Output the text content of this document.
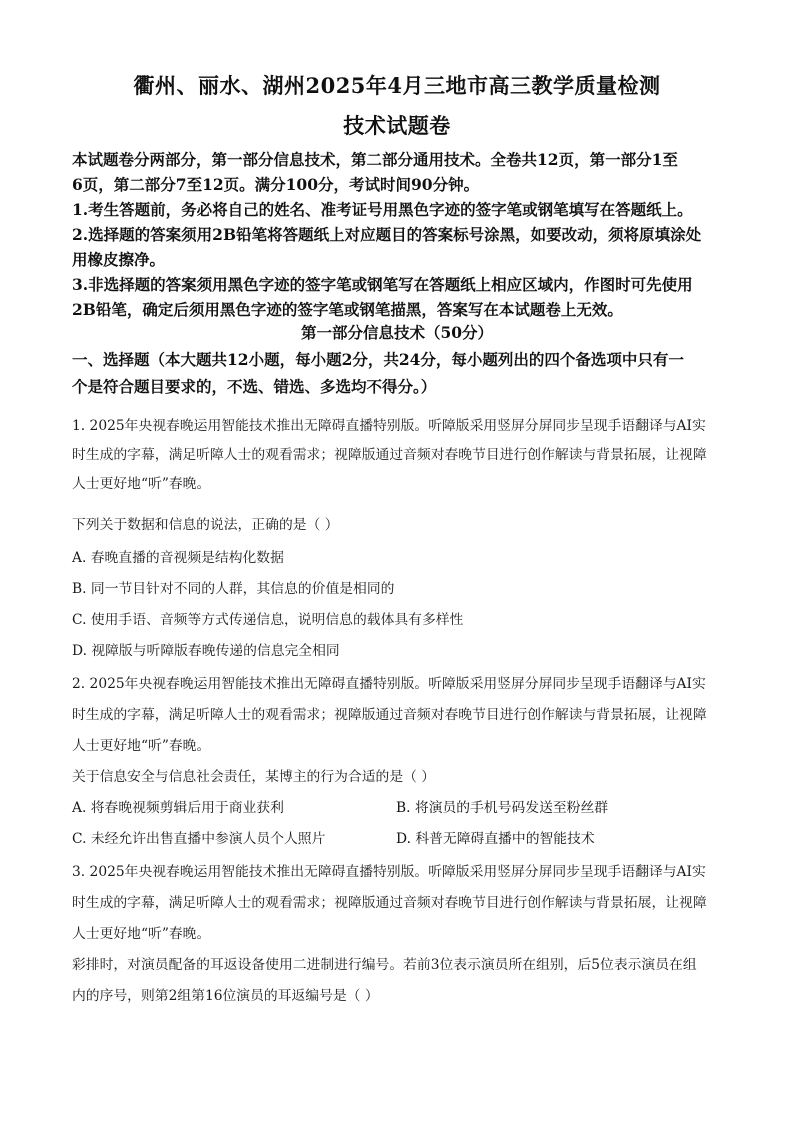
衢州、丽水、湖州2025年4月三地市高三教学质量检测
技术试题卷
本试题卷分两部分，第一部分信息技术，第二部分通用技术。全卷共12页，第一部分1至
6页，第二部分7至12页。满分100分，考试时间90分钟。
1.考生答题前，务必将自己的姓名、准考证号用黑色字迹的签字笔或钢笔填写在答题纸上。
2.选择题的答案须用2B铅笔将答题纸上对应题目的答案标号涂黑，如要改动，须将原填涂处
用橡皮擦净。
3.非选择题的答案须用黑色字迹的签字笔或钢笔写在答题纸上相应区域内，作图时可先使用
2B铅笔，确定后须用黑色字迹的签字笔或钢笔描黑，答案写在本试题卷上无效。
第一部分信息技术（50分）
一、选择题（本大题共12小题，每小题2分，共24分，每小题列出的四个备选项中只有一
个是符合题目要求的，不选、错选、多选均不得分。）
1. 2025年央视春晚运用智能技术推出无障碍直播特别版。听障版采用竖屏分屏同步呈现手语翻译与AI实
时生成的字幕，满足听障人士的观看需求；视障版通过音频对春晚节目进行创作解读与背景拓展，让视障
人士更好地“听”春晚。
下列关于数据和信息的说法，正确的是（ ）
A. 春晚直播的音视频是结构化数据
B. 同一节目针对不同的人群，其信息的价值是相同的
C. 使用手语、音频等方式传递信息，说明信息的载体具有多样性
D. 视障版与听障版春晚传递的信息完全相同
2. 2025年央视春晚运用智能技术推出无障碍直播特别版。听障版采用竖屏分屏同步呈现手语翻译与AI实
时生成的字幕，满足听障人士的观看需求；视障版通过音频对春晚节目进行创作解读与背景拓展，让视障
人士更好地“听”春晚。
关于信息安全与信息社会责任，某博主的行为合适的是（ ）
A. 将春晚视频剪辑后用于商业获利	B. 将演员的手机号码发送至粉丝群
C. 未经允许出售直播中参演人员个人照片	D. 科普无障碍直播中的智能技术
3. 2025年央视春晚运用智能技术推出无障碍直播特别版。听障版采用竖屏分屏同步呈现手语翻译与AI实
时生成的字幕，满足听障人士的观看需求；视障版通过音频对春晚节目进行创作解读与背景拓展，让视障
人士更好地“听”春晚。
彩排时，对演员配备的耳返设备使用二进制进行编号。若前3位表示演员所在组别，后5位表示演员在组
内的序号，则第2组第16位演员的耳返编号是（ ）
